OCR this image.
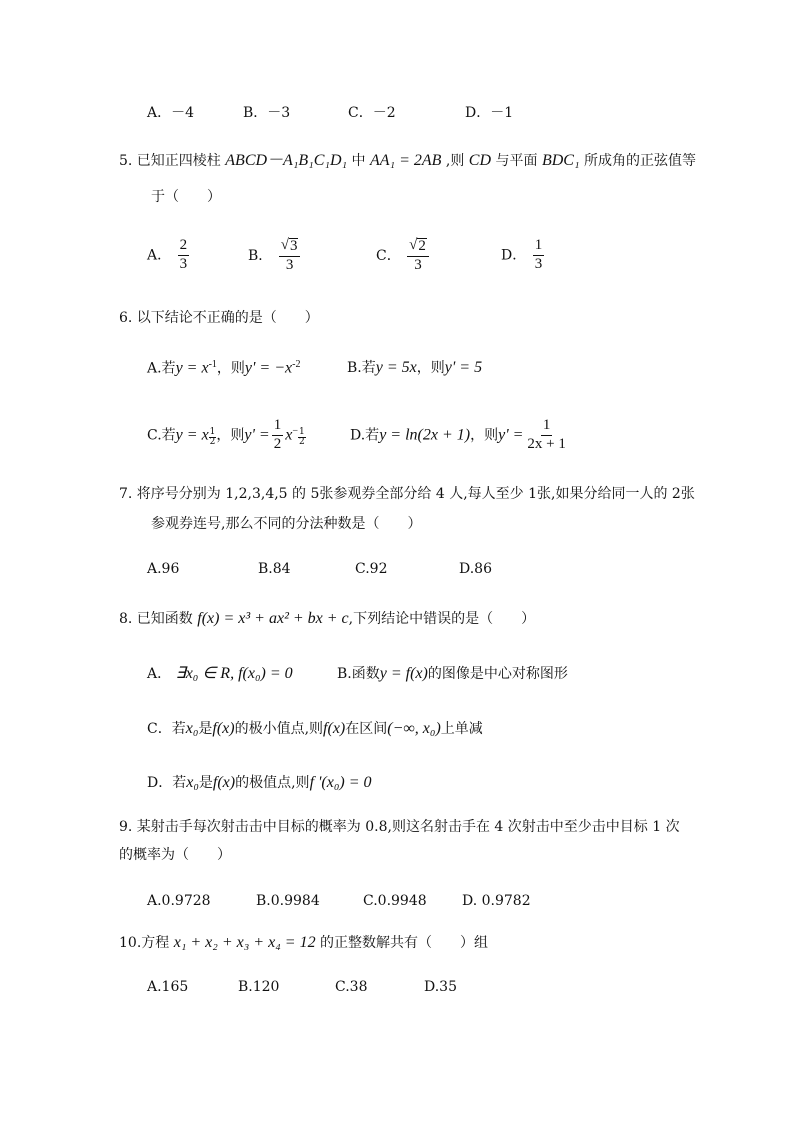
A．－4	B．－3	C．－2	D．－1
5. 已知正四棱柱 ABCD－A₁B₁C₁D₁ 中 AA₁ = 2AB ,则 CD 与平面 BDC₁ 所成角的正弦值等
于（　　）
A． $\frac{2}{3}$	B． $\frac{√ 3}{3}$	C． $\frac{√ 2}{3}$	D． $\frac{1}{3}$
6. 以下结论不正确的是（　　）
A.若$y = x^{-1}$，则$y' = -x^{-2}$	B.若y = 5x，则y' = 5
C.若y = x $\frac{1}{2}$ ，则$y' = \frac{1}{2} x^- \frac{1}{2}$	D.若y = ln(2x + 1)，则$y' = \frac{1}{2x + 1}$
7. 将序号分别为 1,2,3,4,5 的 5张参观券全部分给 4 人,每人至少 1张,如果分给同一人的 2张
参观券连号,那么不同的分法种数是（　　）
A.96	B.84	C.92	D.86
8. 已知函数 f(x) = x³ + ax² + bx + c,下列结论中错误的是（　　）
A． ∃x₀ ∈ R, f(x₀) = 0	B.函数y = f(x)的图像是中心对称图形
C．若x₀是f(x)的极小值点,则f(x)在区间(−∞, x₀)上单减
D．若x₀是f(x)的极值点,则f '(x₀) = 0
9. 某射击手每次射击击中目标的概率为 0.8,则这名射击手在 4 次射击中至少击中目标 1 次
的概率为（　　）
A.0.9728	B.0.9984	C.0.9948	D. 0.9782
10.方程 x₁ + x₂ + x₃ + x₄ = 12 的正整数解共有（　　）组
A.165	B.120	C.38	D.35
